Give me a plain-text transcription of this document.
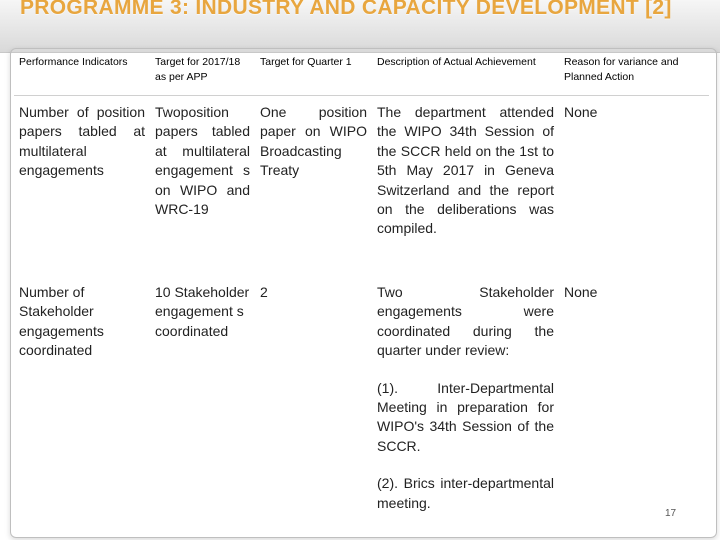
PROGRAMME 3: INDUSTRY AND CAPACITY DEVELOPMENT [2]
Performance Indicators	Target for 2017/18 as per APP	Target for Quarter 1	Description of Actual Achievement	Reason for variance and Planned Action
Number of position papers tabled at multilateral engagements	Twoposition papers tabled at multilateral engagement s on WIPO and WRC-19	One position paper on WIPO Broadcasting Treaty	The department attended the WIPO 34th Session of the SCCR held on the 1st to 5th May 2017 in Geneva Switzerland and the report on the deliberations was compiled.	None
Number of Stakeholder engagements coordinated	10 Stakeholder engagement s coordinated	2	Two Stakeholder engagements were coordinated during the quarter under review:

(1). Inter-Departmental Meeting in preparation for WIPO's 34th Session of the SCCR.

(2). Brics inter-departmental meeting.	None
17
